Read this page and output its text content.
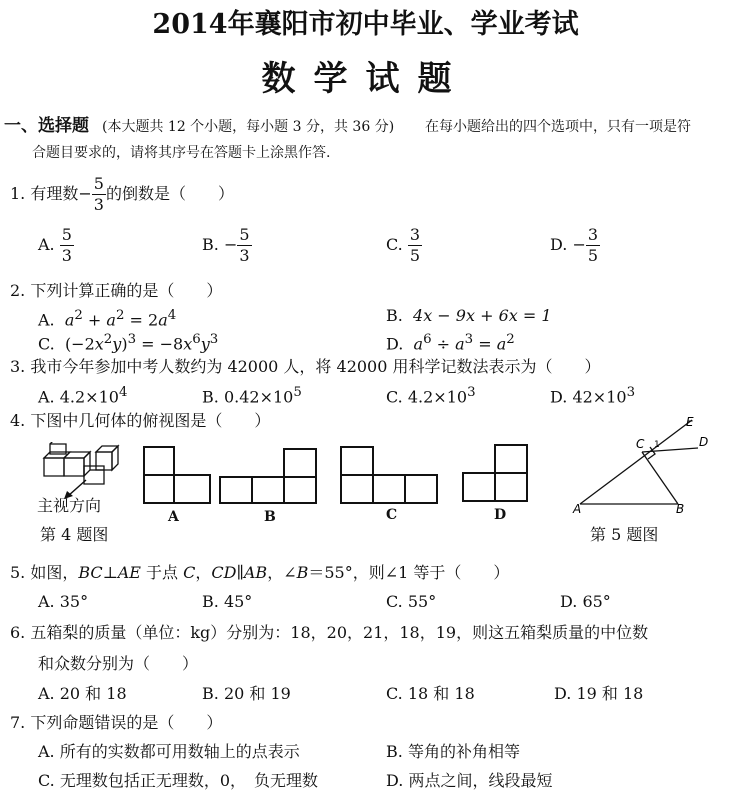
2014年襄阳市初中毕业、学业考试
数学试题
一、选择题 (本大题共 12 个小题，每小题 3 分，共 36 分) 在每小题给出的四个选项中，只有一项是符
合题目要求的，请将其序号在答题卡上涂黑作答.
1. 有理数− $\frac{5}{3}$ 的倒数是（　　）
A. $\frac{5}{3}$	B. − $\frac{5}{3}$	C. $\frac{3}{5}$	D. − $\frac{3}{5}$
2. 下列计算正确的是（　　）
A. $a^2 + a^2 = 2a^4$	B. 4x − 9x + 6x = 1
C.  $(-2x^2y)^3 = -8x^6y^3$	D. $a^6 \div a^3 = a^2$
3. 我市今年参加中考人数约为 42000 人，将 42000 用科学记数法表示为（　　）
A. $4.2\times 10^4$	B. $0.42\times 10^5$	C. $4.2\times 10^3$	D. $42\times 10^3$
4. 下图中几何体的俯视图是（　　）
主视方向
第 4 题图
A	B	C	D
C
E
D
1
A	B
第 5 题图
5. 如图，BC⊥AE 于点 C，CD∥AB，∠B＝55°，则∠1 等于（　　）
A. 35°	B. 45°	C. 55°	D. 65°
6. 五箱梨的质量（单位：kg）分别为：18，20，21，18，19，则这五箱梨质量的中位数
和众数分别为（　　）
A. 20 和 18	B. 20 和 19	C. 18 和 18	D. 19 和 18
7. 下列命题错误的是（　　）
A. 所有的实数都可用数轴上的点表示	B. 等角的补角相等
C. 无理数包括正无理数，0，　负无理数	D. 两点之间，线段最短
